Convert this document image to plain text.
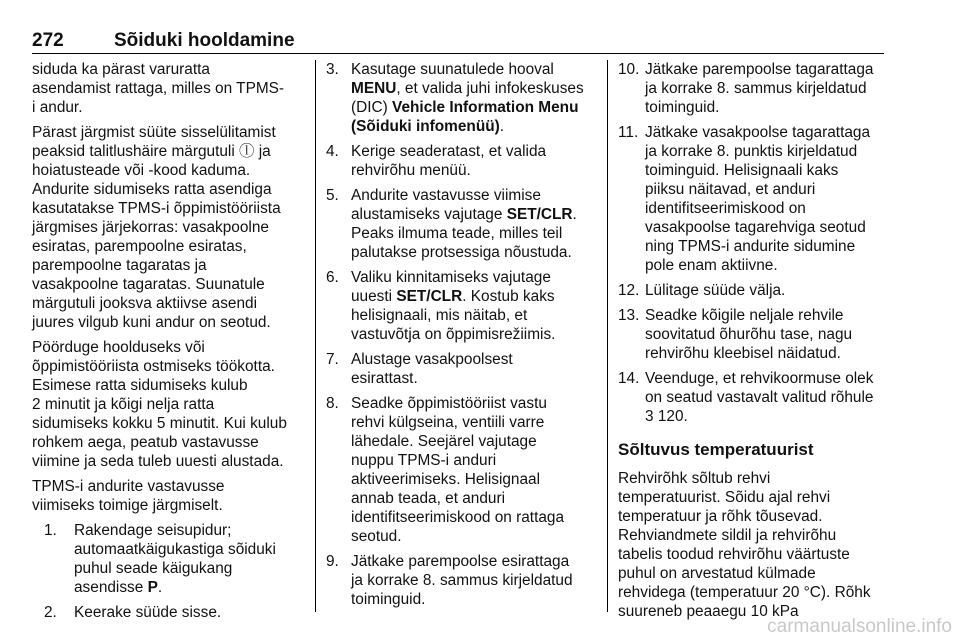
272	Sõiduki hooldamine

siduda ka pärast varuratta
asendamist rattaga, milles on TPMS-
i andur.

Pärast järgmist süüte sisselülitamist
peaksid talitlushäire märgutuli ⓛ ja
hoiatusteade või -kood kaduma.
Andurite sidumiseks ratta asendiga
kasutatakse TPMS-i õppimistööriista
järgmises järjekorras: vasakpoolne
esiratas, parempoolne esiratas,
parempoolne tagaratas ja
vasakpoolne tagaratas. Suunatule
märgutuli jooksva aktiivse asendi
juures vilgub kuni andur on seotud.

Pöörduge hoolduseks või
õppimistööriista ostmiseks töökotta.
Esimese ratta sidumiseks kulub
2 minutit ja kõigi nelja ratta
sidumiseks kokku 5 minutit. Kui kulub
rohkem aega, peatub vastavusse
viimine ja seda tuleb uuesti alustada.

TPMS-i andurite vastavusse
viimiseks toimige järgmiselt.

1. Rakendage seisupidur;
automaatkäigukastiga sõiduki
puhul seade käigukang
asendisse P.
2. Keerake süüde sisse.
3. Kasutage suunatulede hooval
MENU, et valida juhi infokeskuses
(DIC) Vehicle Information Menu
(Sõiduki infomenüü).
4. Kerige seaderatast, et valida
rehvirõhu menüü.
5. Andurite vastavusse viimise
alustamiseks vajutage SET/CLR.
Peaks ilmuma teade, milles teil
palutakse protsessiga nõustuda.
6. Valiku kinnitamiseks vajutage
uuesti SET/CLR. Kostub kaks
helisignaali, mis näitab, et
vastuvõtja on õppimisrežiimis.
7. Alustage vasakpoolsest
esirattast.
8. Seadke õppimistööriist vastu
rehvi külgseina, ventiili varre
lähedale. Seejärel vajutage
nuppu TPMS-i anduri
aktiveerimiseks. Helisignaal
annab teada, et anduri
identifitseerimiskood on rattaga
seotud.
9. Jätkake parempoolse esirattaga
ja korrake 8. sammus kirjeldatud
toiminguid.
10. Jätkake parempoolse tagarattaga
ja korrake 8. sammus kirjeldatud
toiminguid.
11. Jätkake vasakpoolse tagarattaga
ja korrake 8. punktis kirjeldatud
toiminguid. Helisignaali kaks
piiksu näitavad, et anduri
identifitseerimiskood on
vasakpoolse tagarehviga seotud
ning TPMS-i andurite sidumine
pole enam aktiivne.
12. Lülitage süüde välja.
13. Seadke kõigile neljale rehvile
soovitatud õhurõhu tase, nagu
rehvirõhu kleebisel näidatud.
14. Veenduge, et rehvikoormuse olek
on seatud vastavalt valitud rõhule
3 120.
Sõltuvus temperatuurist

Rehvirõhk sõltub rehvi
temperatuurist. Sõidu ajal rehvi
temperatuur ja rõhk tõusevad.
Rehviandmete sildil ja rehvirõhu
tabelis toodud rehvirõhu väärtuste
puhul on arvestatud külmade
rehvidega (temperatuur 20 °C). Rõhk
suureneb peaaegu 10 kPa

carmanualsonline.info
